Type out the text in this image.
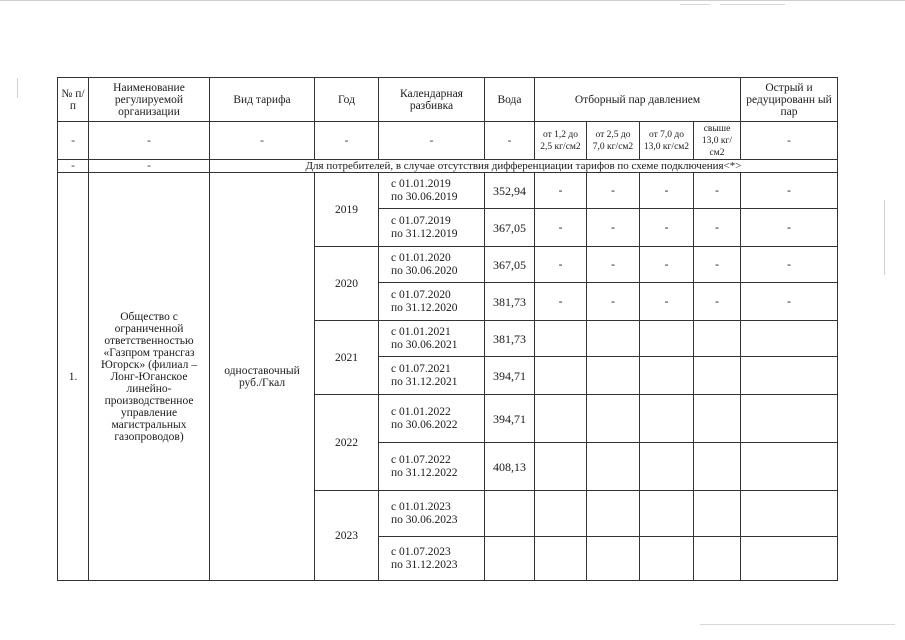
№ п/п	Наименование регулируемой организации	Вид тарифа	Год	Календарная разбивка	Вода	Отборный пар давлением				Острый и редуцированн ый пар
-	-	-	-	-	-	от 1,2 до 2,5 кг/см2	от 2,5 до 7,0 кг/см2	от 7,0 до 13,0 кг/см2	свыше 13,0 кг/см2	-
-	-	Для потребителей, в случае отсутствия дифференциации тарифов по схеме подключения<*>								
1.	Общество с ограниченной ответственностью «Газпром трансгаз Югорск» (филиал – Лонг-Юганское линейно-производственное управление магистральных газопроводов)	одноставочный руб./Гкал	2019	с 01.01.2019
по 30.06.2019	352,94	-	-	-	-	-

				с 01.07.2019
по 31.12.2019	367,05	-	-	-	-	-
			2020	с 01.01.2020
по 30.06.2020	367,05	-	-	-	-	-

				с 01.07.2020
по 31.12.2020	381,73	-	-	-	-	-
			2021	с 01.01.2021
по 30.06.2021	381,73					

				с 01.07.2021
по 31.12.2021	394,71					
			2022	с 01.01.2022
по 30.06.2022	394,71					

				с 01.07.2022
по 31.12.2022	408,13					
			2023	с 01.01.2023
по 30.06.2023						

				с 01.07.2023
по 31.12.2023						
